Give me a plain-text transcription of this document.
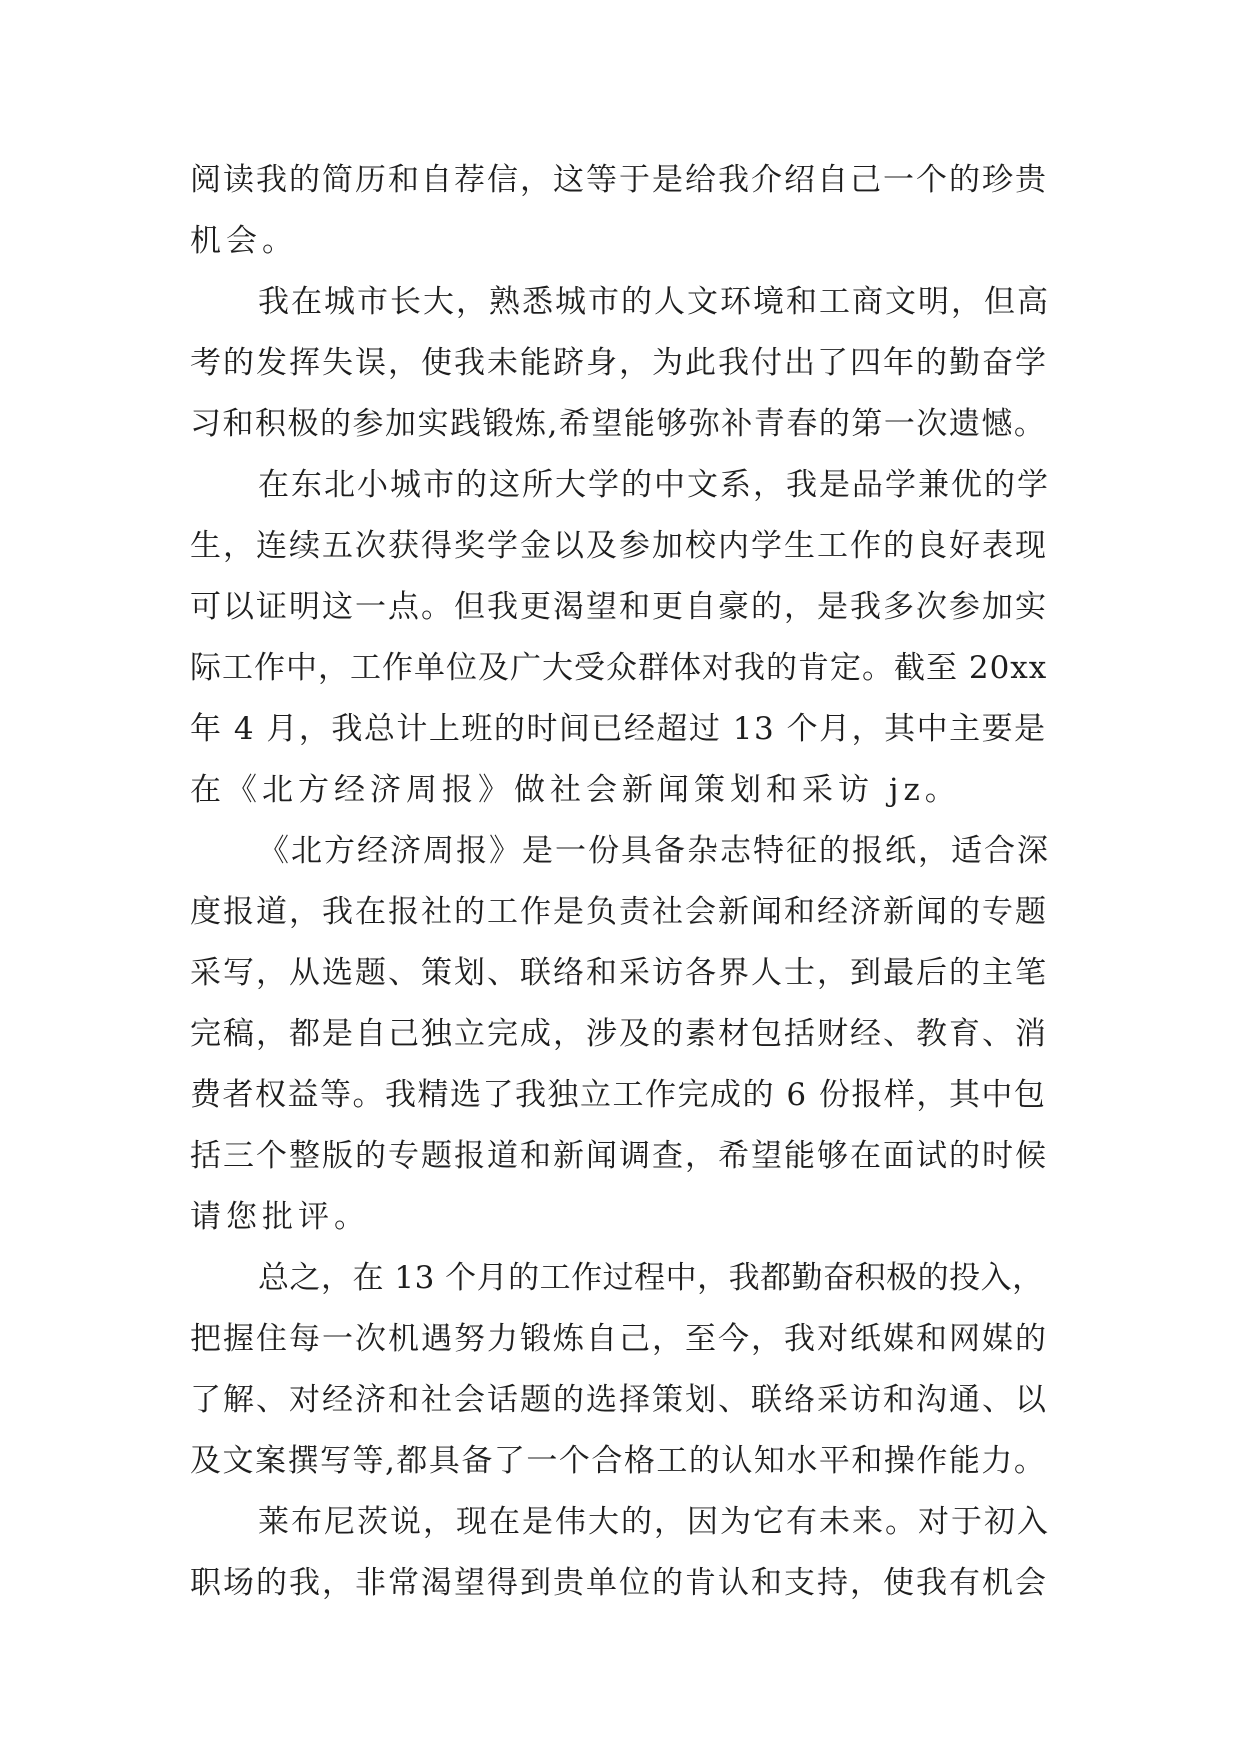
阅读我的简历和自荐信，这等于是给我介绍自己一个的珍贵
机会。
我在城市长大，熟悉城市的人文环境和工商文明，但高
考的发挥失误，使我未能跻身，为此我付出了四年的勤奋学
习和积极的参加实践锻炼,希望能够弥补青春的第一次遗憾。
在东北小城市的这所大学的中文系，我是品学兼优的学
生，连续五次获得奖学金以及参加校内学生工作的良好表现
可以证明这一点。但我更渴望和更自豪的，是我多次参加实
际工作中，工作单位及广大受众群体对我的肯定。截至 20xx
年 4 月，我总计上班的时间已经超过 13 个月，其中主要是
在《北方经济周报》做社会新闻策划和采访 jz。
《北方经济周报》是一份具备杂志特征的报纸，适合深
度报道，我在报社的工作是负责社会新闻和经济新闻的专题
采写，从选题、策划、联络和采访各界人士，到最后的主笔
完稿，都是自己独立完成，涉及的素材包括财经、教育、消
费者权益等。我精选了我独立工作完成的 6 份报样，其中包
括三个整版的专题报道和新闻调查，希望能够在面试的时候
请您批评。
总之，在 13 个月的工作过程中，我都勤奋积极的投入，
把握住每一次机遇努力锻炼自己，至今，我对纸媒和网媒的
了解、对经济和社会话题的选择策划、联络采访和沟通、以
及文案撰写等,都具备了一个合格工的认知水平和操作能力。
莱布尼茨说，现在是伟大的，因为它有未来。对于初入
职场的我，非常渴望得到贵单位的肯认和支持，使我有机会
